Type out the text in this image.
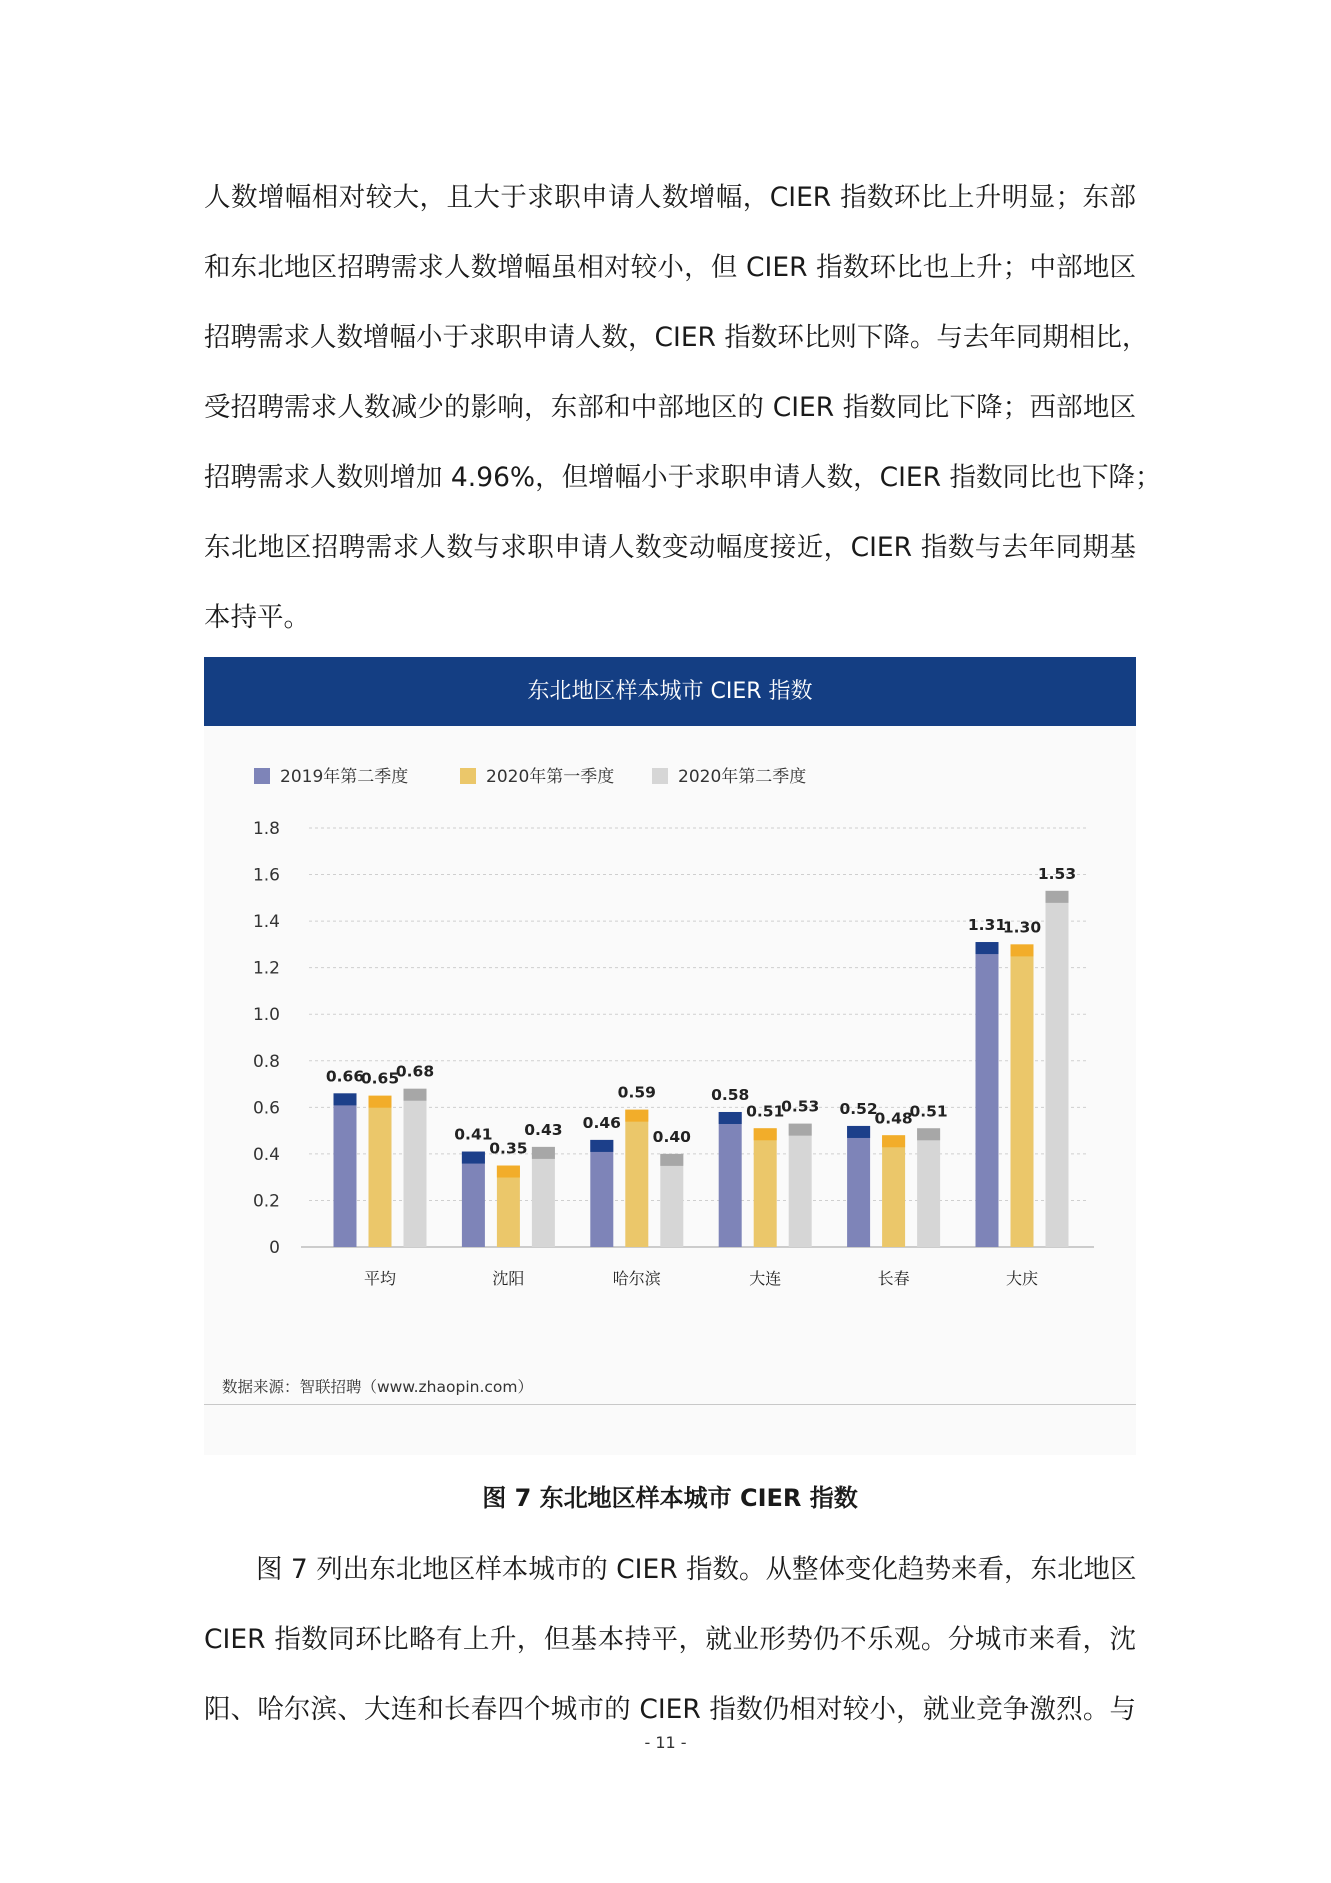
人数增幅相对较大，且大于求职申请人数增幅，CIER 指数环比上升明显；东部
和东北地区招聘需求人数增幅虽相对较小，但 CIER 指数环比也上升；中部地区
招聘需求人数增幅小于求职申请人数，CIER 指数环比则下降。与去年同期相比，
受招聘需求人数减少的影响，东部和中部地区的 CIER 指数同比下降；西部地区
招聘需求人数则增加 4.96%，但增幅小于求职申请人数，CIER 指数同比也下降；
东北地区招聘需求人数与求职申请人数变动幅度接近，CIER 指数与去年同期基
本持平。
东北地区样本城市 CIER 指数
2019年第二季度	2020年第一季度	2020年第二季度
0
0.2
0.4
0.6
0.8
1.0
1.2
1.4
1.6
1.8
0.66
0.65
0.68
平均
0.41
0.35
0.43
沈阳
0.46
0.59
0.40
哈尔滨
0.58
0.51
0.53
大连
0.52
0.48
0.51
长春
1.31
1.30
1.53
大庆
数据来源：智联招聘（www.zhaopin.com）
图 7 东北地区样本城市 CIER 指数
图 7 列出东北地区样本城市的 CIER 指数。从整体变化趋势来看，东北地区
CIER 指数同环比略有上升，但基本持平，就业形势仍不乐观。分城市来看，沈
阳、哈尔滨、大连和长春四个城市的 CIER 指数仍相对较小，就业竞争激烈。与
- 11 -
